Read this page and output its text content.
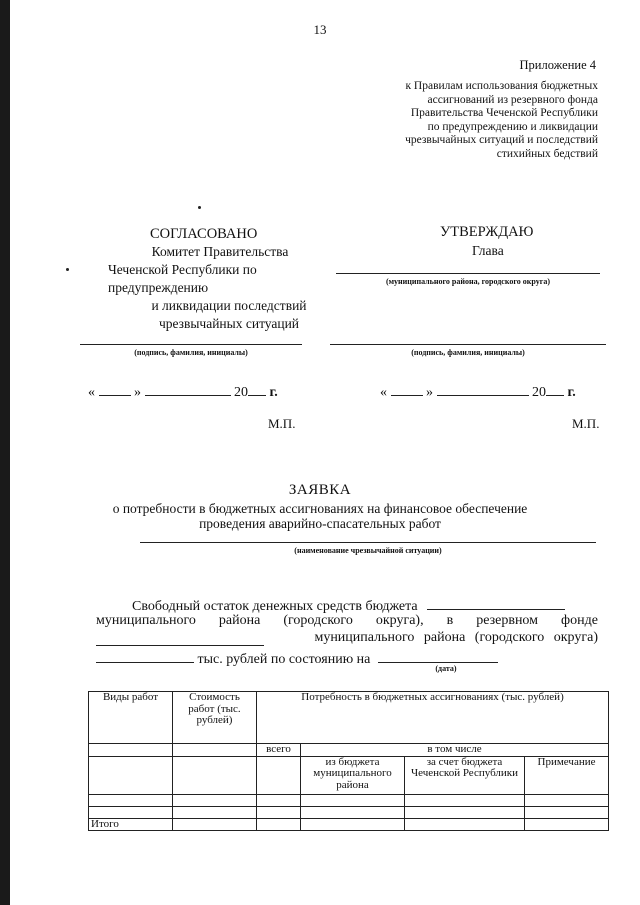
13
Приложение 4
к Правилам использования бюджетных
ассигнований из резервного фонда
Правительства Чеченской Республики
по предупреждению и ликвидации
чрезвычайных ситуаций и последствий
стихийных бедствий
СОГЛАСОВАНО
Комитет Правительства
Чеченской Республики по
предупреждению
и ликвидации последствий
чрезвычайных ситуаций
(подпись, фамилия, инициалы)
УТВЕРЖДАЮ
Глава
(муниципального района, городского округа)
(подпись, фамилия, инициалы)
«	»	20 г.	«	»	20 г.
М.П.	М.П.
ЗАЯВКА
о потребности в бюджетных ассигнованиях на финансовое обеспечение
проведения аварийно-спасательных работ
(наименование чрезвычайной ситуации)
Свободный остаток денежных средств бюджета
муниципального района (городского округа), в резервном фонде
муниципального района (городского округа)
тыс. рублей по состоянию на
(дата)
Виды работ	Стоимость работ (тыс. рублей)	Потребность в бюджетных ассигнованиях (тыс. рублей)			
		всего	в том числе		
			из бюджета муниципального района	за счет бюджета Чеченской Республики	Примечание

Итого					
